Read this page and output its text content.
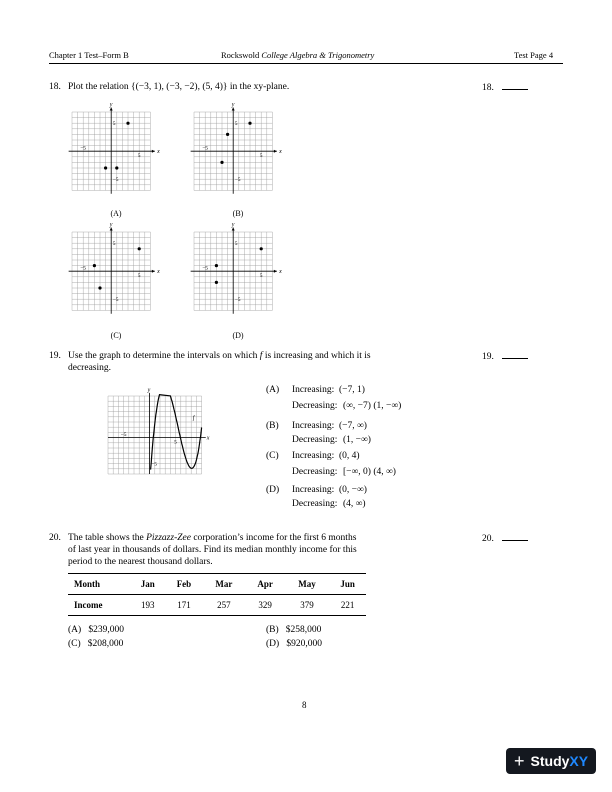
Chapter 1 Test–Form B	Rockswold College Algebra & Trigonometry	Test Page 4
18. Plot the relation {(−3, 1), (−3, −2), (5, 4)} in the xy-plane.	18.
x
y
−5
5
5
−5
(A)
x
y
−5
5
5
−5
(B)
x
y
−5
5
5
−5
(C)
x
y
−5
5
5
−5
(D)
19. Use the graph to determine the intervals on which f is increasing and which it is
decreasing.
19.
x
y
f
−5
5
−5
(A) Increasing: (−7, 1)
Decreasing: (∞, −7) (1, −∞)
(B) Increasing: (−7, ∞)
Decreasing: (1, −∞)
(C) Increasing: (0, 4)
Decreasing: [−∞, 0) (4, ∞)
(D) Increasing: (0, −∞)
Decreasing: (4, ∞)
20. The table shows the Pizzazz-Zee corporation’s income for the first 6 months
of last year in thousands of dollars. Find its median monthly income for this
period to the nearest thousand dollars.
20.
Month	Jan	Feb	Mar	Apr	May	Jun
Income	193	171	257	329	379	221
(A) $239,000
(C) $208,000
(B) $258,000
(D) $920,000
8
+ StudyXY
